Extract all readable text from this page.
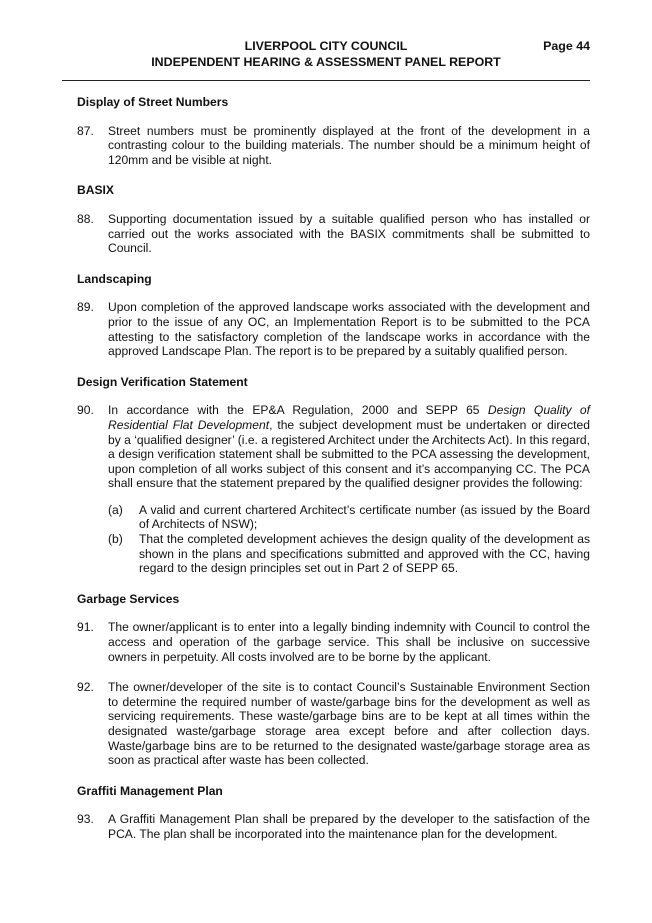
LIVERPOOL CITY COUNCIL	Page 44
INDEPENDENT HEARING & ASSESSMENT PANEL REPORT
Display of Street Numbers
87.	Street numbers must be prominently displayed at the front of the development in a contrasting colour to the building materials. The number should be a minimum height of 120mm and be visible at night.
BASIX
88.	Supporting documentation issued by a suitable qualified person who has installed or carried out the works associated with the BASIX commitments shall be submitted to Council.
Landscaping
89.	Upon completion of the approved landscape works associated with the development and prior to the issue of any OC, an Implementation Report is to be submitted to the PCA attesting to the satisfactory completion of the landscape works in accordance with the approved Landscape Plan. The report is to be prepared by a suitably qualified person.
Design Verification Statement
90.	In accordance with the EP&A Regulation, 2000 and SEPP 65 Design Quality of Residential Flat Development, the subject development must be undertaken or directed by a ‘qualified designer’ (i.e. a registered Architect under the Architects Act). In this regard, a design verification statement shall be submitted to the PCA assessing the development, upon completion of all works subject of this consent and it’s accompanying CC. The PCA shall ensure that the statement prepared by the qualified designer provides the following:
(a)	A valid and current chartered Architect’s certificate number (as issued by the Board of Architects of NSW);
(b)	That the completed development achieves the design quality of the development as shown in the plans and specifications submitted and approved with the CC, having regard to the design principles set out in Part 2 of SEPP 65.
Garbage Services
91.	The owner/applicant is to enter into a legally binding indemnity with Council to control the access and operation of the garbage service. This shall be inclusive on successive owners in perpetuity. All costs involved are to be borne by the applicant.
92.	The owner/developer of the site is to contact Council’s Sustainable Environment Section to determine the required number of waste/garbage bins for the development as well as servicing requirements. These waste/garbage bins are to be kept at all times within the designated waste/garbage storage area except before and after collection days. Waste/garbage bins are to be returned to the designated waste/garbage storage area as soon as practical after waste has been collected.
Graffiti Management Plan
93.	A Graffiti Management Plan shall be prepared by the developer to the satisfaction of the PCA. The plan shall be incorporated into the maintenance plan for the development.
